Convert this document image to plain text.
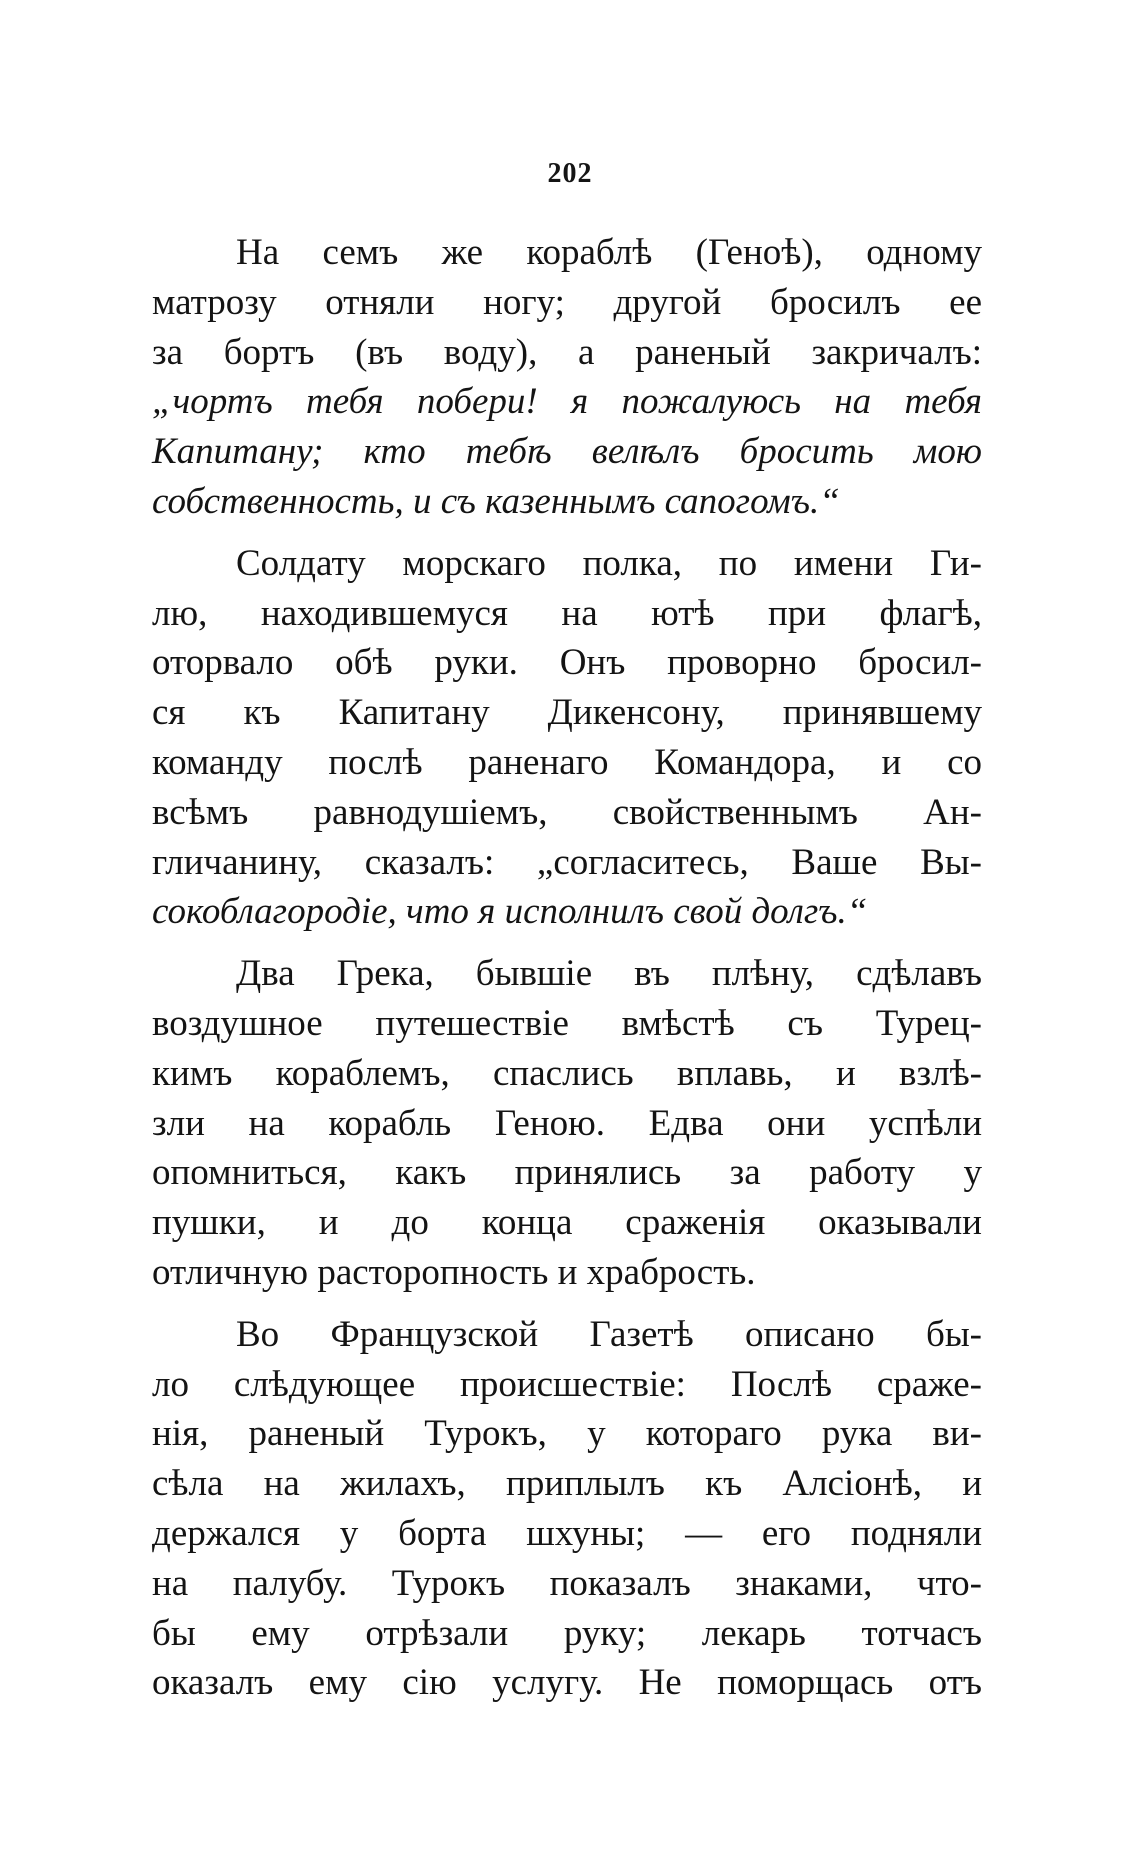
202
На семъ же кораблѣ (Геноѣ), одному
матрозу отняли ногу; другой бросилъ ее
за бортъ (въ воду), а раненый закричалъ:
„чортъ тебя побери! я пожалуюсь на тебя
Капитану; кто тебѣ велѣлъ бросить мою
собственность, и съ казеннымъ сапогомъ.“
Солдату морскаго полка, по имени Ги-
лю, находившемуся на ютѣ при флагѣ,
оторвало обѣ руки. Онъ проворно бросил-
ся къ Капитану Дикенсону, принявшему
команду послѣ раненаго Командора, и со
всѣмъ равнодушіемъ, свойственнымъ Ан-
гличанину, сказалъ: „согласитесь, Ваше Вы-
сокоблагородіе, что я исполнилъ свой долгъ.“
Два Грека, бывшіе въ плѣну, сдѣлавъ
воздушное путешествіе вмѣстѣ съ Турец-
кимъ кораблемъ, спаслись вплавь, и взлѣ-
зли на корабль Геною. Едва они успѣли
опомниться, какъ принялись за работу у
пушки, и до конца сраженія оказывали
отличную расторопность и храбрость.
Во Французской Газетѣ описано бы-
ло слѣдующее происшествіе: Послѣ сраже-
нія, раненый Турокъ, у котораго рука ви-
сѣла на жилахъ, приплылъ къ Алсіонѣ, и
держался у борта шхуны; — его подняли
на палубу. Турокъ показалъ знаками, что-
бы ему отрѣзали руку; лекарь тотчасъ
оказалъ ему сію услугу. Не поморщась отъ
